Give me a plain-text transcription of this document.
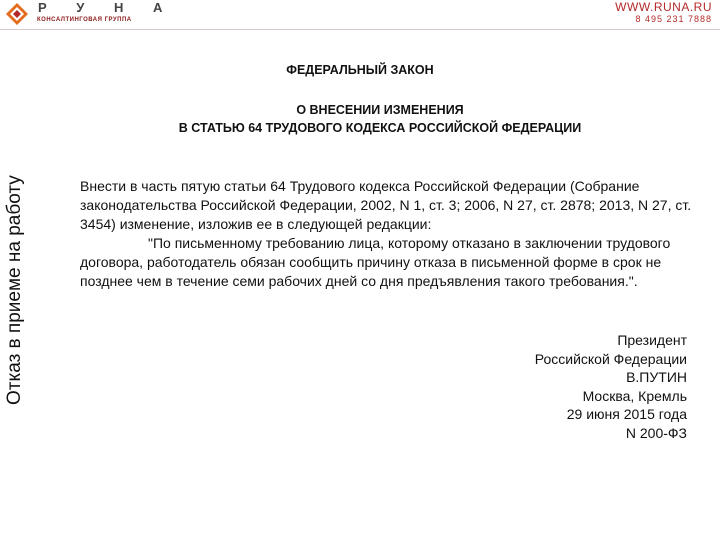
Р У Н А
КОНСАЛТИНГОВАЯ ГРУППА
WWW.RUNA.RU
8 495 231 7888
Отказ в приеме на работу
ФЕДЕРАЛЬНЫЙ ЗАКОН
О ВНЕСЕНИИ ИЗМЕНЕНИЯ
В СТАТЬЮ 64 ТРУДОВОГО КОДЕКСА РОССИЙСКОЙ ФЕДЕРАЦИИ
Внести в часть пятую статьи 64 Трудового кодекса Российской Федерации (Собрание законодательства Российской Федерации, 2002, N 1, ст. 3; 2006, N 27, ст. 2878; 2013, N 27, ст. 3454) изменение, изложив ее в следующей редакции:
"По письменному требованию лица, которому отказано в заключении трудового договора, работодатель обязан сообщить причину отказа в письменной форме в срок не позднее чем в течение семи рабочих дней со дня предъявления такого требования.".
Президент
Российской Федерации
В.ПУТИН
Москва, Кремль
29 июня 2015 года
N 200-ФЗ
